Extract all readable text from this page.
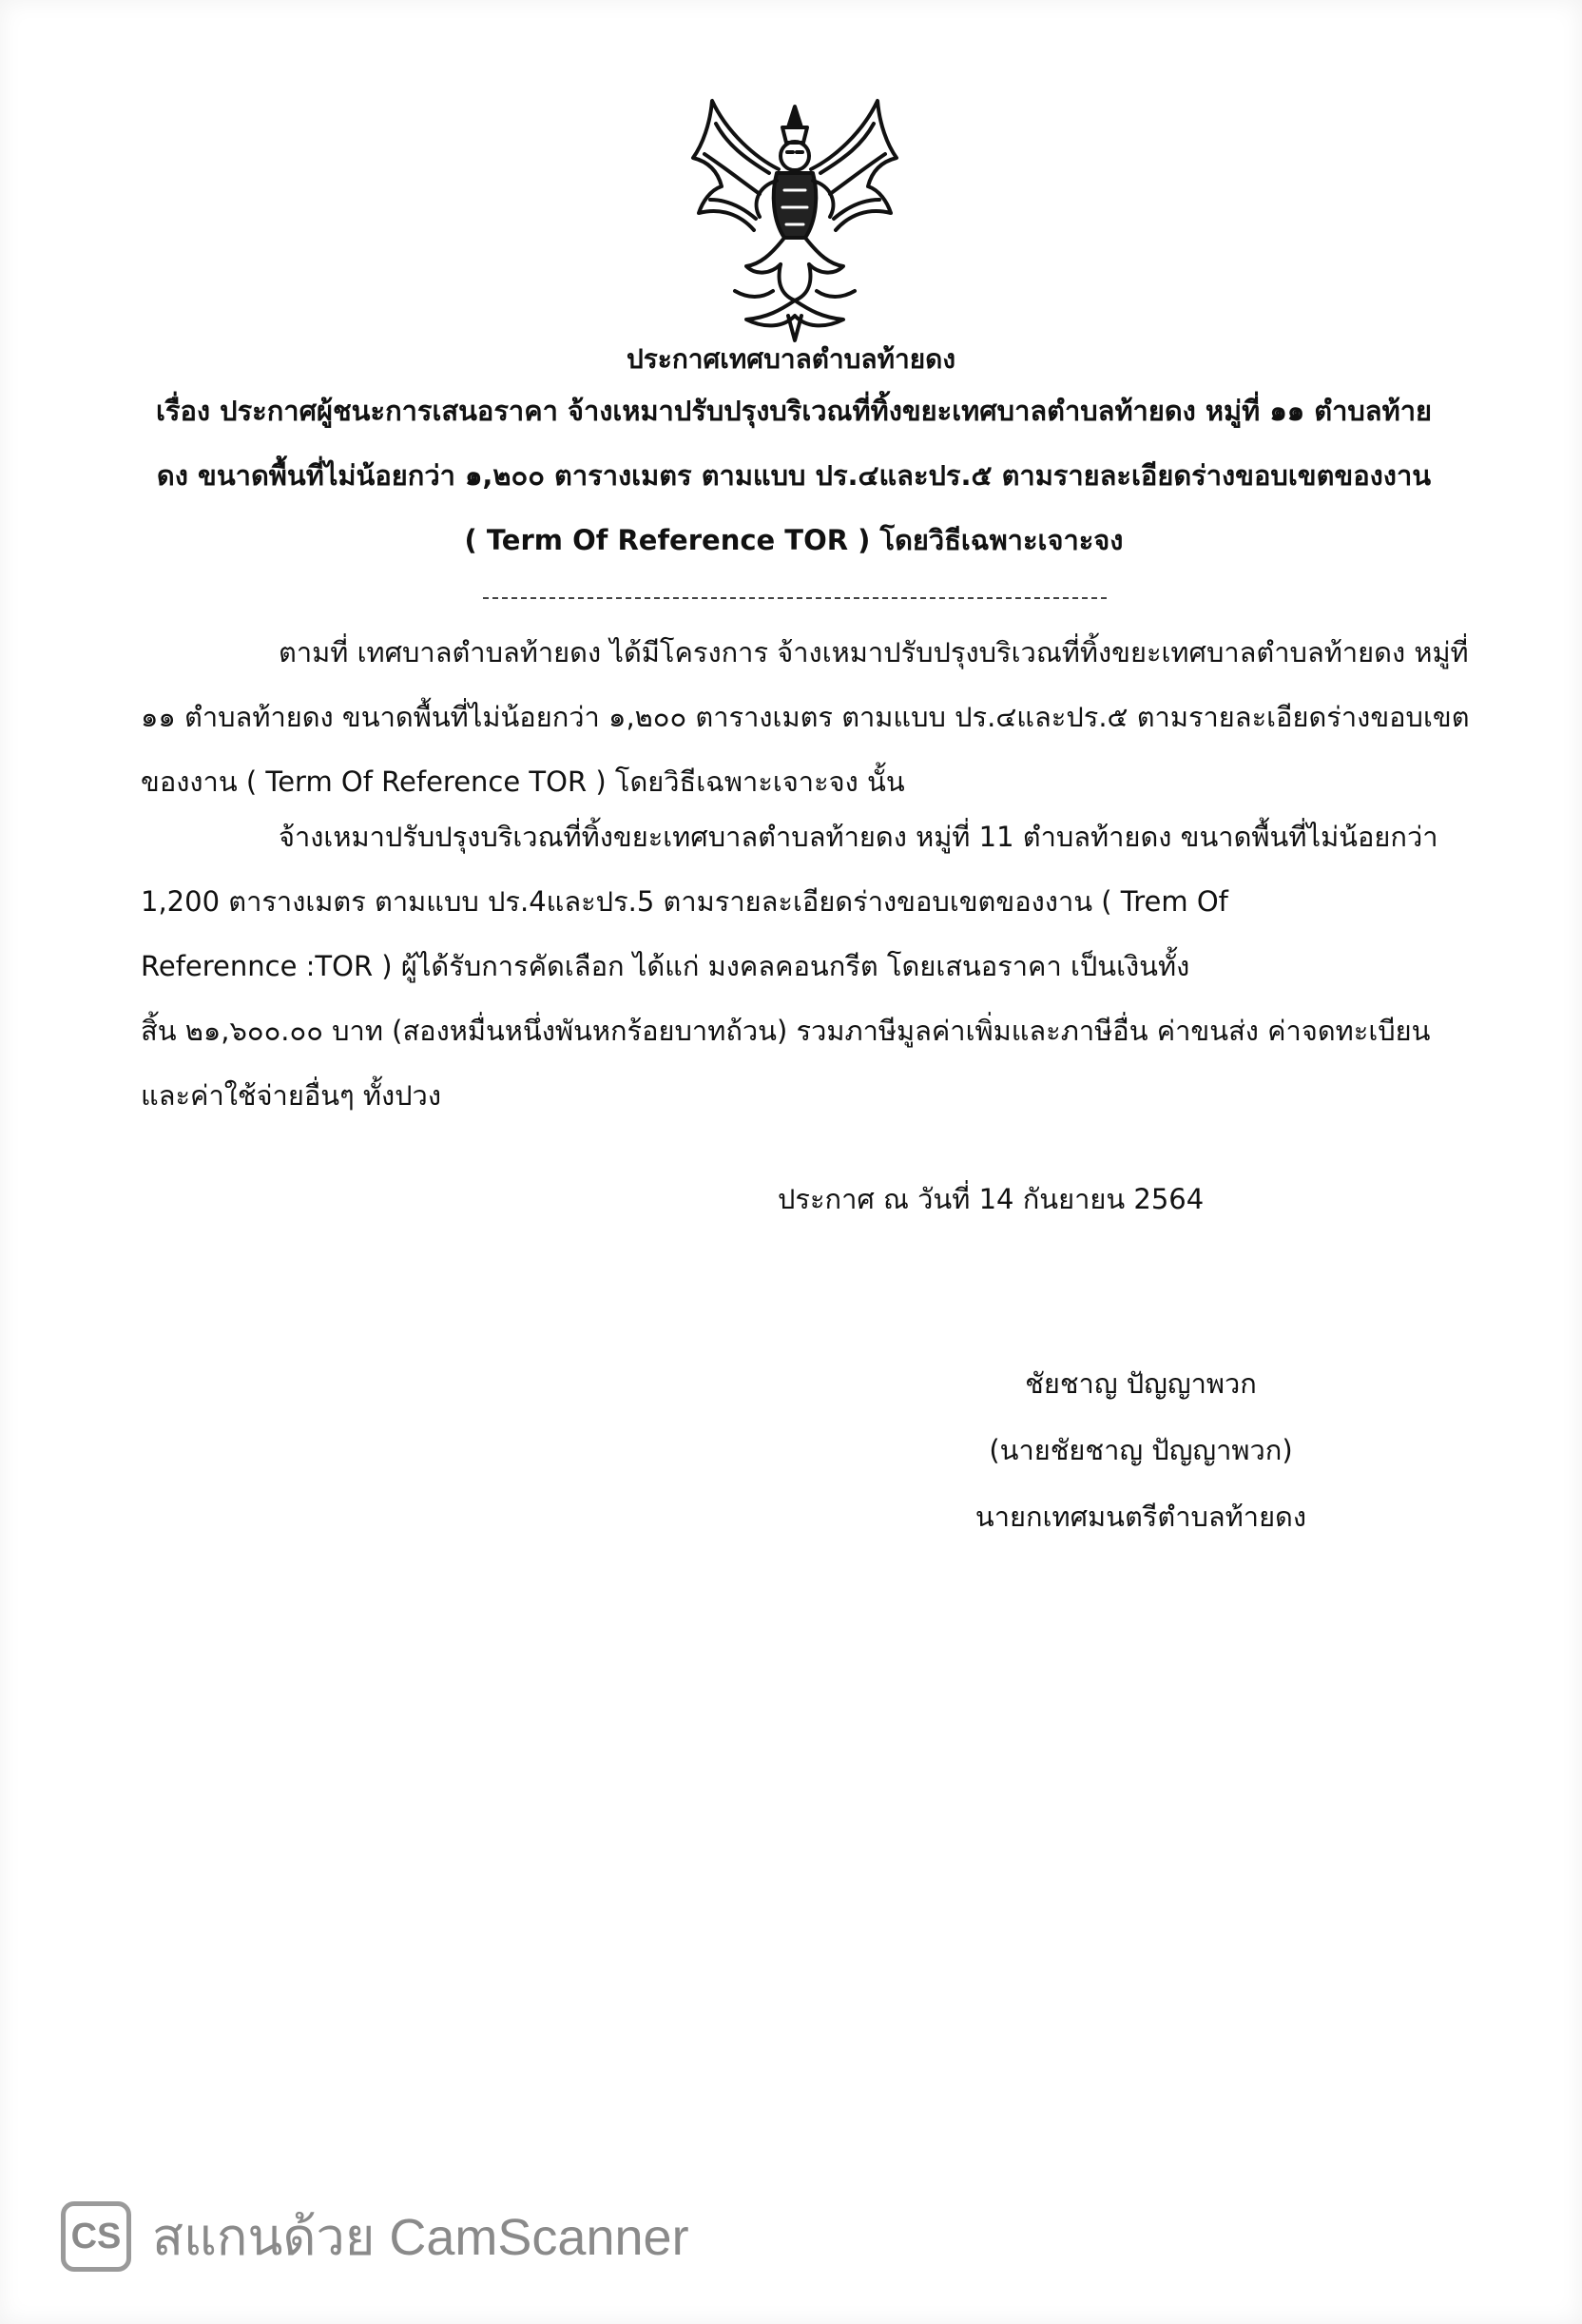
ประกาศเทศบาลตำบลท้ายดง
เรื่อง ประกาศผู้ชนะการเสนอราคา จ้างเหมาปรับปรุงบริเวณที่ทิ้งขยะเทศบาลตำบลท้ายดง หมู่ที่ ๑๑ ตำบลท้าย
ดง ขนาดพื้นที่ไม่น้อยกว่า ๑,๒๐๐ ตารางเมตร ตามแบบ ปร.๔และปร.๕ ตามรายละเอียดร่างขอบเขตของงาน
( Term Of Reference TOR ) โดยวิธีเฉพาะเจาะจง
ตามที่ เทศบาลตำบลท้ายดง ได้มีโครงการ จ้างเหมาปรับปรุงบริเวณที่ทิ้งขยะเทศบาลตำบลท้ายดง หมู่ที่
๑๑ ตำบลท้ายดง ขนาดพื้นที่ไม่น้อยกว่า ๑,๒๐๐ ตารางเมตร ตามแบบ ปร.๔และปร.๕ ตามรายละเอียดร่างขอบเขต
ของงาน ( Term Of Reference TOR ) โดยวิธีเฉพาะเจาะจง นั้น
จ้างเหมาปรับปรุงบริเวณที่ทิ้งขยะเทศบาลตำบลท้ายดง หมู่ที่ 11 ตำบลท้ายดง ขนาดพื้นที่ไม่น้อยกว่า
1,200 ตารางเมตร ตามแบบ ปร.4และปร.5 ตามรายละเอียดร่างขอบเขตของงาน ( Trem Of
Referennce :TOR ) ผู้ได้รับการคัดเลือก ได้แก่ มงคลคอนกรีต โดยเสนอราคา เป็นเงินทั้ง
สิ้น ๒๑,๖๐๐.๐๐ บาท (สองหมื่นหนึ่งพันหกร้อยบาทถ้วน) รวมภาษีมูลค่าเพิ่มและภาษีอื่น ค่าขนส่ง ค่าจดทะเบียน
และค่าใช้จ่ายอื่นๆ ทั้งปวง
ประกาศ ณ วันที่ 14 กันยายน 2564
ชัยชาญ ปัญญาพวก
(นายชัยชาญ ปัญญาพวก)
นายกเทศมนตรีตำบลท้ายดง
CS สแกนด้วย CamScanner
